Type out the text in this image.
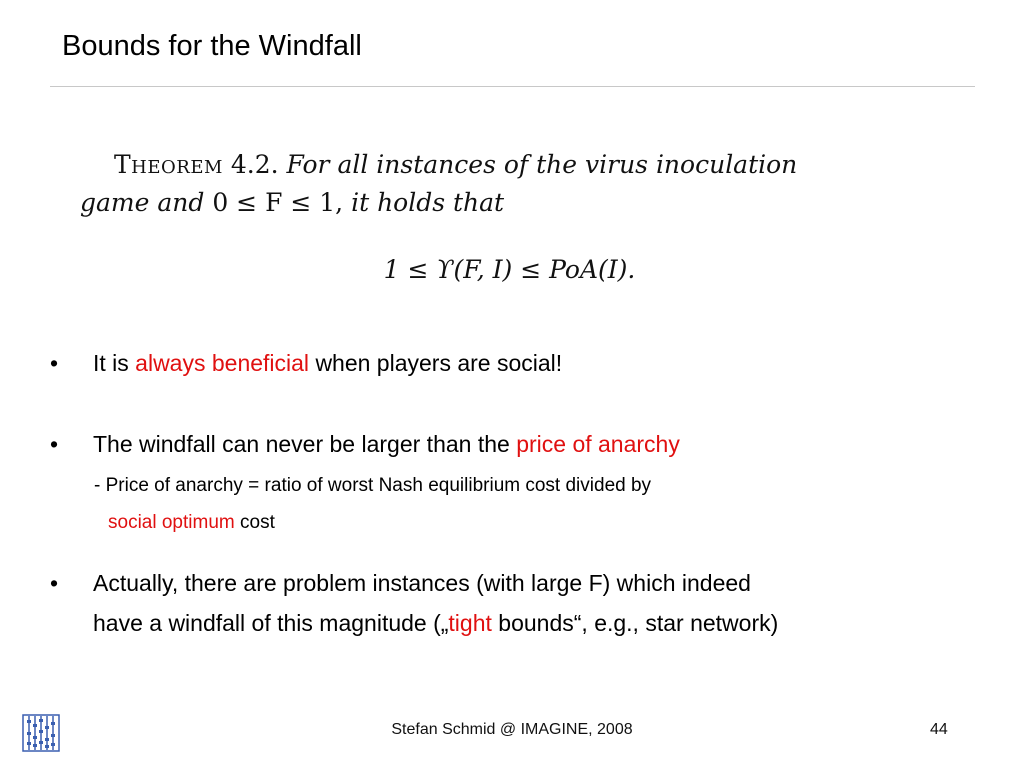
Bounds for the Windfall
Theorem 4.2. For all instances of the virus inoculation
game and 0 ≤ F ≤ 1, it holds that
1 ≤ ϒ(F, I) ≤ PoA(I).
• It is always beneficial when players are social!
• The windfall can never be larger than the price of anarchy
- Price of anarchy = ratio of worst Nash equilibrium cost divided by
social optimum cost
• Actually, there are problem instances (with large F) which indeed
have a windfall of this magnitude („tight bounds“, e.g., star network)
Stefan Schmid @ IMAGINE, 2008	44
